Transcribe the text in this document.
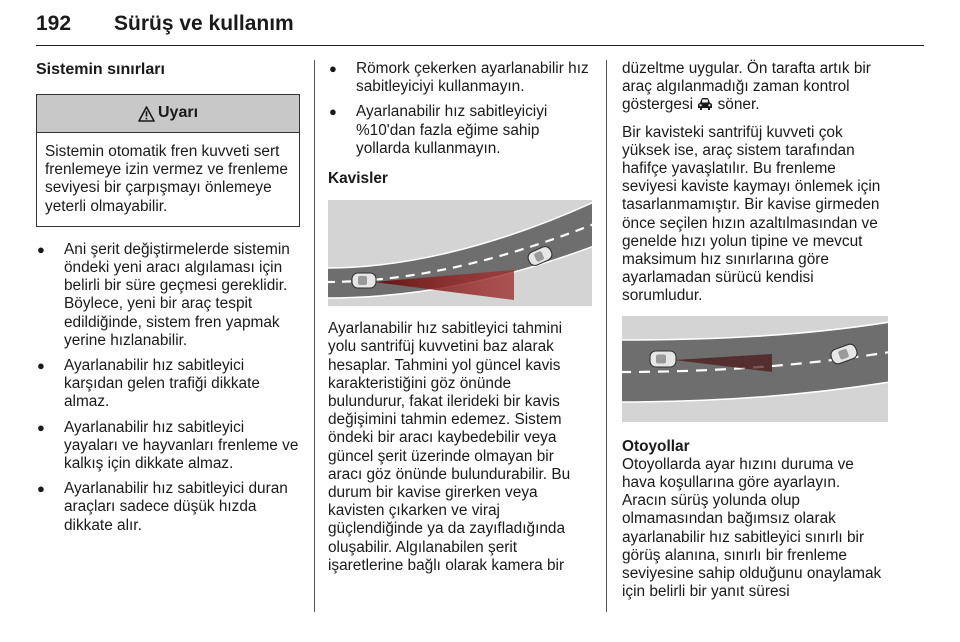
192 Sürüş ve kullanım
Sistemin sınırları
Uyarı
Sistemin otomatik fren kuvveti sert frenlemeye izin vermez ve frenleme seviyesi bir çarpışmayı önlemeye yeterli olmayabilir.
● Ani şerit değiştirmelerde sistemin öndeki yeni aracı algılaması için belirli bir süre geçmesi gereklidir. Böylece, yeni bir araç tespit edildiğinde, sistem fren yapmak yerine hızlanabilir.
● Ayarlanabilir hız sabitleyici karşıdan gelen trafiği dikkate almaz.
● Ayarlanabilir hız sabitleyici yayaları ve hayvanları frenleme ve kalkış için dikkate almaz.
● Ayarlanabilir hız sabitleyici duran araçları sadece düşük hızda dikkate alır.
● Römork çekerken ayarlanabilir hız sabitleyiciyi kullanmayın.
● Ayarlanabilir hız sabitleyiciyi %10'dan fazla eğime sahip yollarda kullanmayın.
Kavisler
Ayarlanabilir hız sabitleyici tahmini yolu santrifüj kuvvetini baz alarak hesaplar. Tahmini yol güncel kavis karakteristiğini göz önünde bulundurur, fakat ilerideki bir kavis değişimini tahmin edemez. Sistem öndeki bir aracı kaybedebilir veya güncel şerit üzerinde olmayan bir aracı göz önünde bulundurabilir. Bu durum bir kavise girerken veya kavisten çıkarken ve viraj güçlendiğinde ya da zayıfladığında oluşabilir. Algılanabilen şerit işaretlerine bağlı olarak kamera bir
düzeltme uygular. Ön tarafta artık bir araç algılanmadığı zaman kontrol göstergesi söner.
Bir kavisteki santrifüj kuvveti çok yüksek ise, araç sistem tarafından hafifçe yavaşlatılır. Bu frenleme seviyesi kaviste kaymayı önlemek için tasarlanmamıştır. Bir kavise girmeden önce seçilen hızın azaltılmasından ve genelde hızı yolun tipine ve mevcut maksimum hız sınırlarına göre ayarlamadan sürücü kendisi sorumludur.
Otoyollar
Otoyollarda ayar hızını duruma ve hava koşullarına göre ayarlayın. Aracın sürüş yolunda olup olmamasından bağımsız olarak ayarlanabilir hız sabitleyici sınırlı bir görüş alanına, sınırlı bir frenleme seviyesine sahip olduğunu onaylamak için belirli bir yanıt süresi
